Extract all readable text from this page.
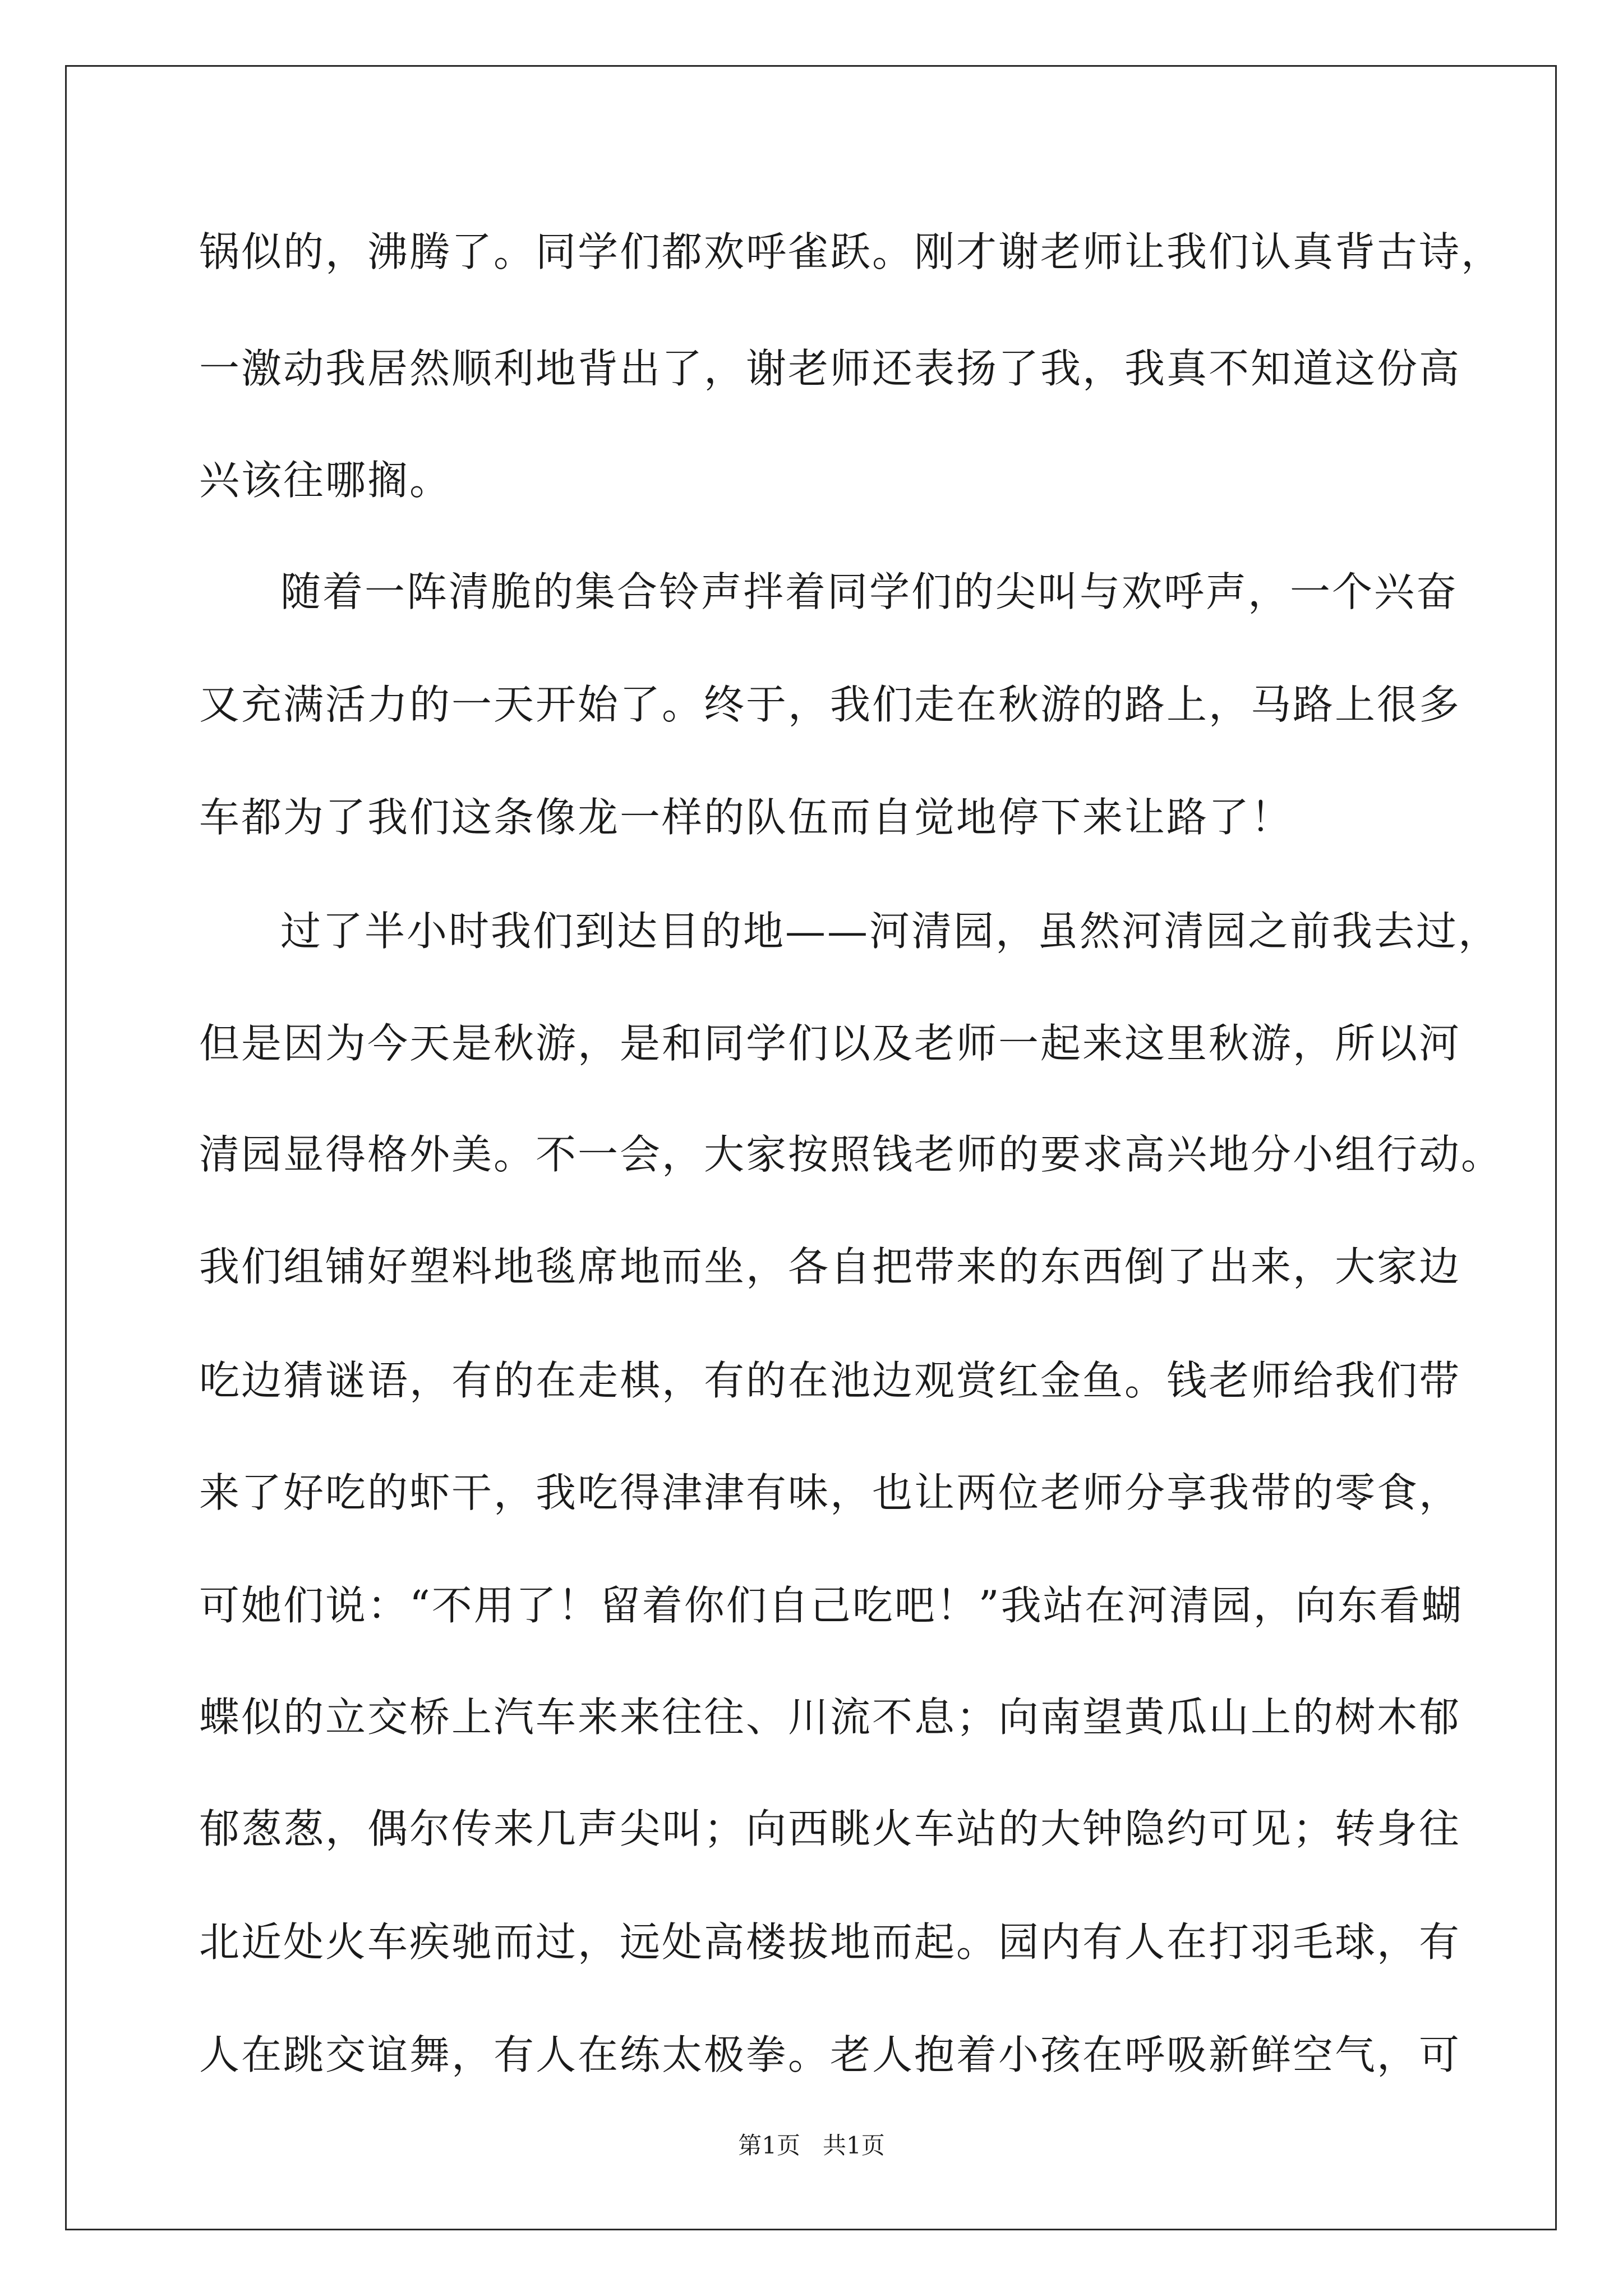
锅似的，沸腾了。同学们都欢呼雀跃。刚才谢老师让我们认真背古诗，
一激动我居然顺利地背出了，谢老师还表扬了我，我真不知道这份高
兴该往哪搁。
随着一阵清脆的集合铃声拌着同学们的尖叫与欢呼声，一个兴奋
又充满活力的一天开始了。终于，我们走在秋游的路上，马路上很多
车都为了我们这条像龙一样的队伍而自觉地停下来让路了！
过了半小时我们到达目的地——河清园，虽然河清园之前我去过，
但是因为今天是秋游，是和同学们以及老师一起来这里秋游，所以河
清园显得格外美。不一会，大家按照钱老师的要求高兴地分小组行动。
我们组铺好塑料地毯席地而坐，各自把带来的东西倒了出来，大家边
吃边猜谜语，有的在走棋，有的在池边观赏红金鱼。钱老师给我们带
来了好吃的虾干，我吃得津津有味，也让两位老师分享我带的零食，
可她们说：“不用了！留着你们自己吃吧！”我站在河清园，向东看蝴
蝶似的立交桥上汽车来来往往、川流不息；向南望黄瓜山上的树木郁
郁葱葱，偶尔传来几声尖叫；向西眺火车站的大钟隐约可见；转身往
北近处火车疾驰而过，远处高楼拔地而起。园内有人在打羽毛球，有
人在跳交谊舞，有人在练太极拳。老人抱着小孩在呼吸新鲜空气，可
第1页   共1页
